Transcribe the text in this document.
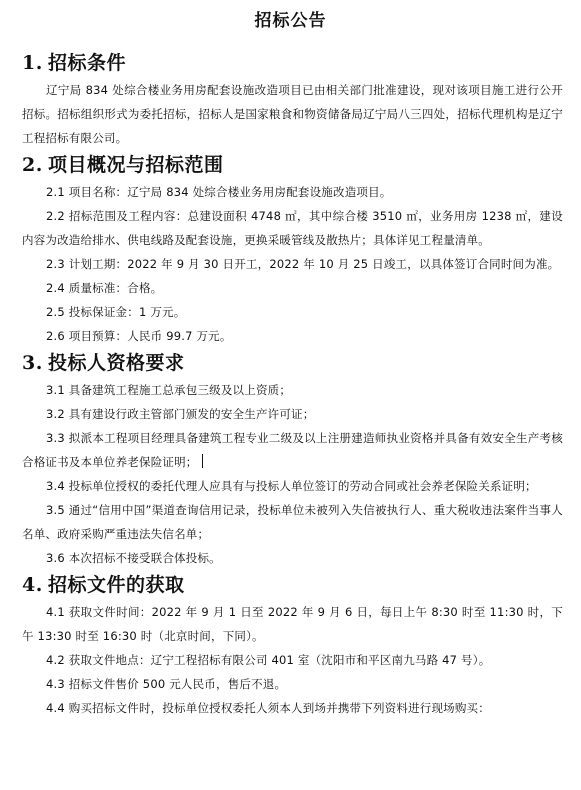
招标公告
1. 招标条件

辽宁局 834 处综合楼业务用房配套设施改造项目已由相关部门批准建设，现对该项目施工进行公开招标。招标组织形式为委托招标，招标人是国家粮食和物资储备局辽宁局八三四处，招标代理机构是辽宁工程招标有限公司。

2. 项目概况与招标范围

2.1 项目名称：辽宁局 834 处综合楼业务用房配套设施改造项目。

2.2 招标范围及工程内容：总建设面积 4748 ㎡，其中综合楼 3510 ㎡，业务用房 1238 ㎡，建设内容为改造给排水、供电线路及配套设施，更换采暖管线及散热片；具体详见工程量清单。

2.3 计划工期：2022 年 9 月 30 日开工，2022 年 10 月 25 日竣工，以具体签订合同时间为准。

2.4 质量标准：合格。

2.5 投标保证金：1 万元。

2.6 项目预算：人民币 99.7 万元。

3. 投标人资格要求

3.1 具备建筑工程施工总承包三级及以上资质；

3.2 具有建设行政主管部门颁发的安全生产许可证；

3.3 拟派本工程项目经理具备建筑工程专业二级及以上注册建造师执业资格并具备有效安全生产考核合格证书及本单位养老保险证明；

3.4 投标单位授权的委托代理人应具有与投标人单位签订的劳动合同或社会养老保险关系证明；

3.5 通过“信用中国”渠道查询信用记录，投标单位未被列入失信被执行人、重大税收违法案件当事人名单、政府采购严重违法失信名单；

3.6 本次招标不接受联合体投标。

4. 招标文件的获取

4.1 获取文件时间：2022 年 9 月 1 日至 2022 年 9 月 6 日，每日上午 8:30 时至 11:30 时，下午 13:30 时至 16:30 时（北京时间，下同）。

4.2 获取文件地点：辽宁工程招标有限公司 401 室（沈阳市和平区南九马路 47 号）。

4.3 招标文件售价 500 元人民币，售后不退。

4.4 购买招标文件时，投标单位授权委托人须本人到场并携带下列资料进行现场购买：
